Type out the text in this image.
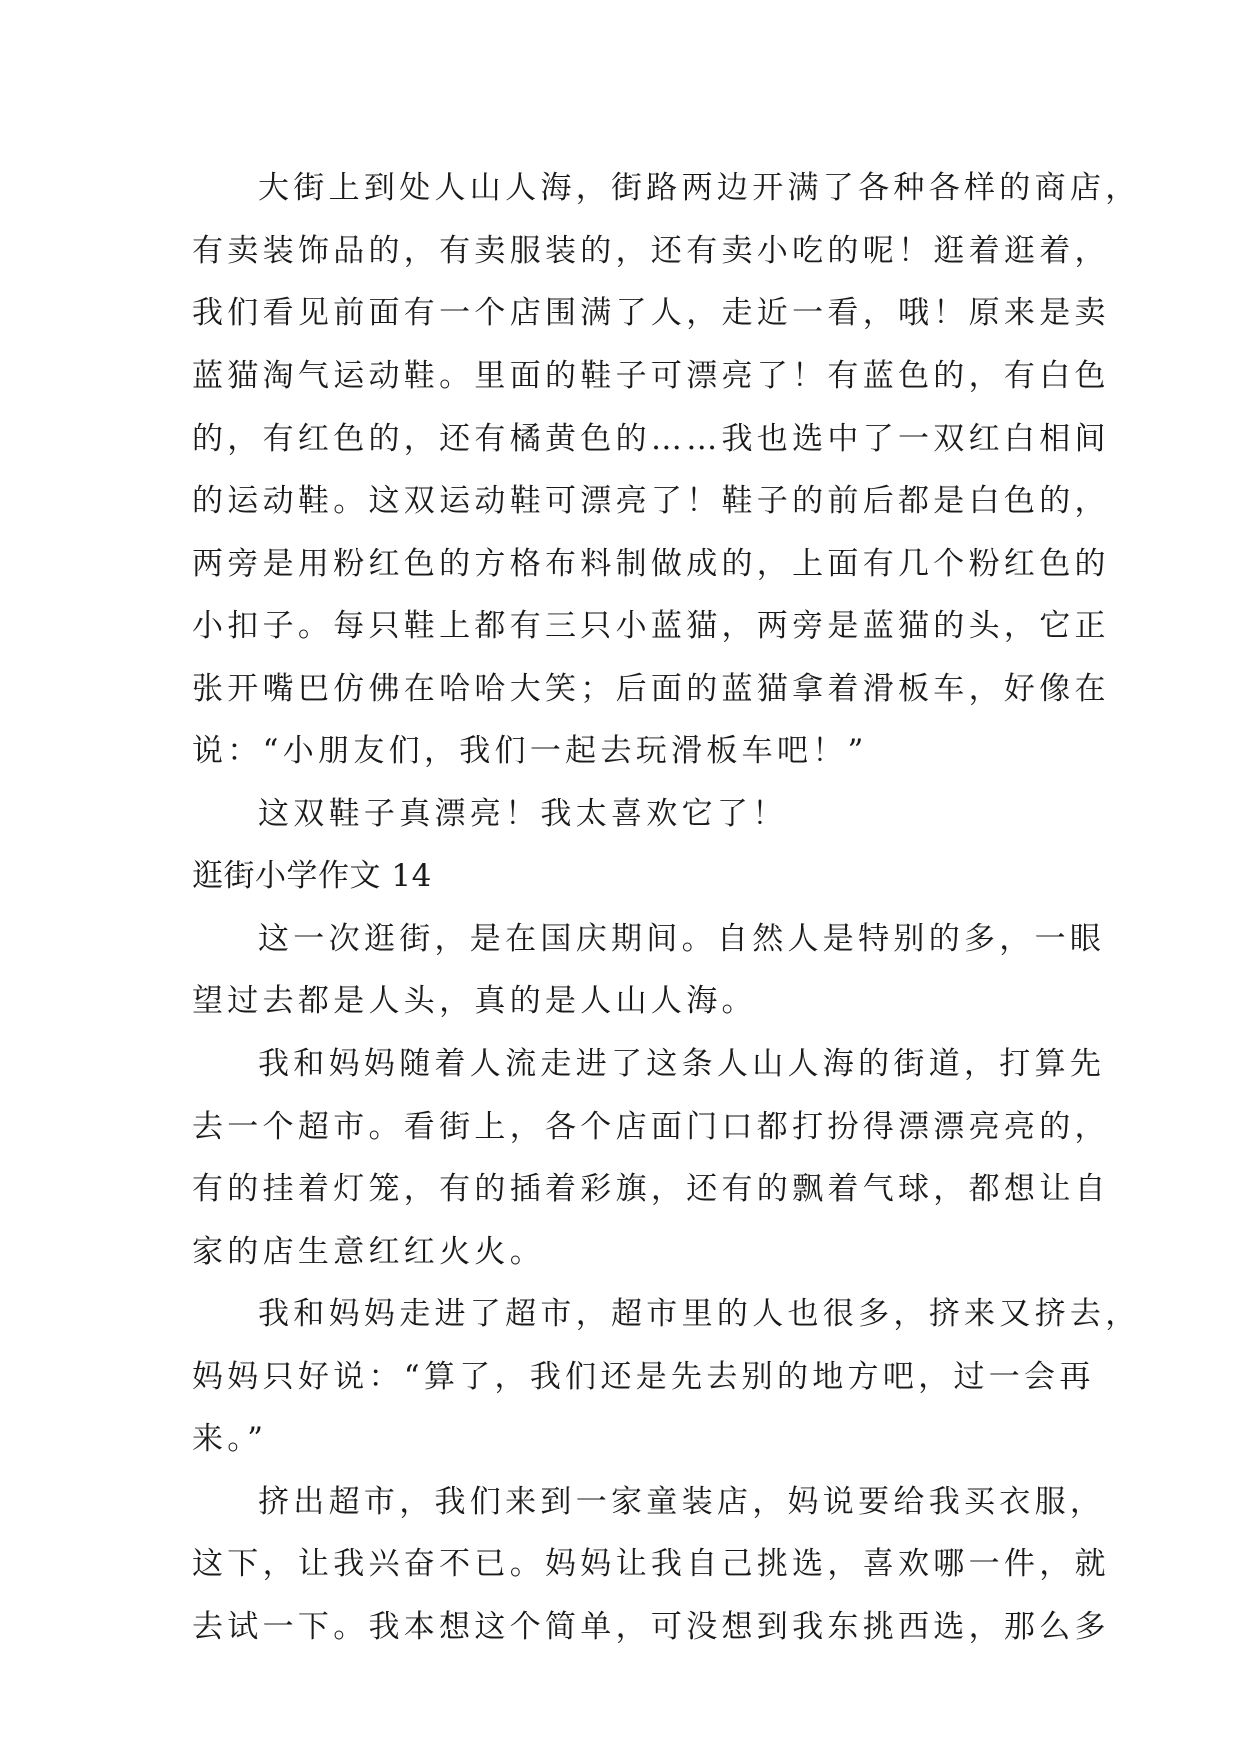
大街上到处人山人海，街路两边开满了各种各样的商店，
有卖装饰品的，有卖服装的，还有卖小吃的呢！逛着逛着，
我们看见前面有一个店围满了人，走近一看，哦！原来是卖
蓝猫淘气运动鞋。里面的鞋子可漂亮了！有蓝色的，有白色
的，有红色的，还有橘黄色的……我也选中了一双红白相间
的运动鞋。这双运动鞋可漂亮了！鞋子的前后都是白色的，
两旁是用粉红色的方格布料制做成的，上面有几个粉红色的
小扣子。每只鞋上都有三只小蓝猫，两旁是蓝猫的头，它正
张开嘴巴仿佛在哈哈大笑；后面的蓝猫拿着滑板车，好像在
说：“小朋友们，我们一起去玩滑板车吧！”
这双鞋子真漂亮！我太喜欢它了！
逛街小学作文 14
这一次逛街，是在国庆期间。自然人是特别的多，一眼
望过去都是人头，真的是人山人海。
我和妈妈随着人流走进了这条人山人海的街道，打算先
去一个超市。看街上，各个店面门口都打扮得漂漂亮亮的，
有的挂着灯笼，有的插着彩旗，还有的飘着气球，都想让自
家的店生意红红火火。
我和妈妈走进了超市，超市里的人也很多，挤来又挤去，
妈妈只好说：“算了，我们还是先去别的地方吧，过一会再
来。”
挤出超市，我们来到一家童装店，妈说要给我买衣服，
这下，让我兴奋不已。妈妈让我自己挑选，喜欢哪一件，就
去试一下。我本想这个简单，可没想到我东挑西选，那么多
